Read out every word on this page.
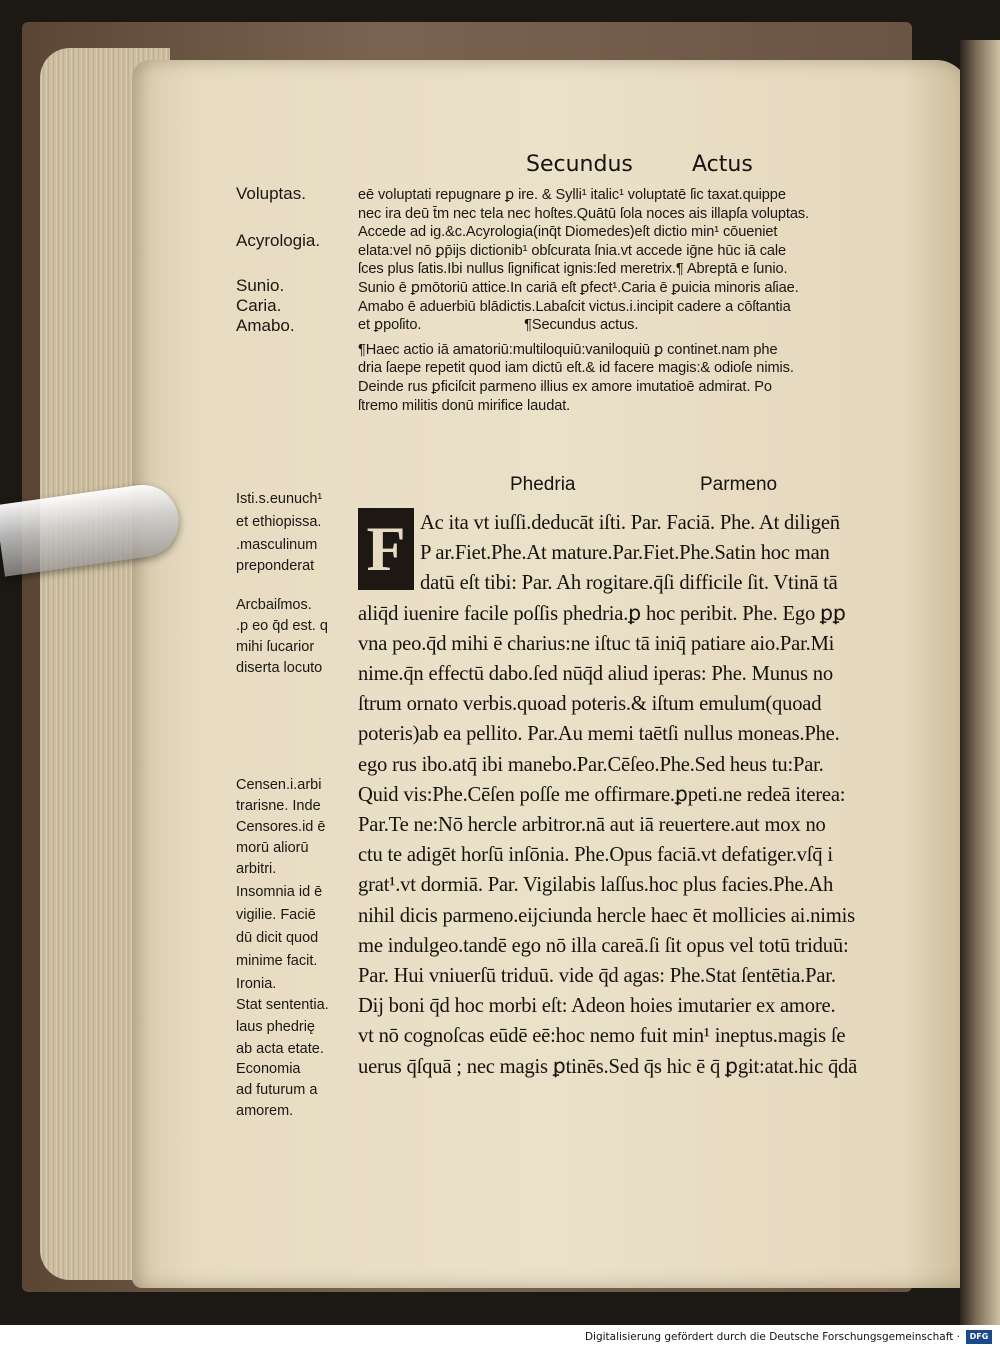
Secundus	Actus
Voluptas.
Acyrologia.
Sunio.
Caria.
Amabo.
Isti.s.eunuch¹
et ethiopissa.
.masculinum
preponderat
Arcbaiſmos.
.p eo q̄d est. q
mihi ſucarior
diserta locuto
Censen.i.arbi
trarisne. Inde
Censores.id ē
morū aliorū
arbitri.
Insomnia id ē
vigilie. Faciē
dū dicit quod
minime facit.
Ironia.
Stat sententia.
laus phedrię
ab acta etate.
Economia
ad futurum a
amorem.
eē voluptati repugnare ꝑ ire. & Sylli¹ italic¹ voluptatē ſic taxat.quippe
nec ira deū t̄m nec tela nec hoſtes.Quātū ſola noces ais illapſa voluptas.
Accede ad ig.&c.Acyrologia(inq̄t Diomedes)eſt dictio min¹ cōueniet
elata:vel nō ꝑp̄ijs dictionib¹ obſcurata ſnia.vt accede iḡne hūc iā cale
ſces plus ſatis.Ibi nullus ſignificat ignis:ſed meretrix.¶ Abreptā e ſunio.
Sunio ē ꝑmōtoriū attice.In cariā eſt ꝑfect¹.Caria ē ꝑuicia minoris aſiae.
Amabo ē aduerbiū blādictis.Labaſcit victus.i.incipit cadere a cōſtantia
et ꝑpoſito.                          ¶Secundus actus.
¶Haec actio iā amatoriū:multiloquiū:vaniloquiū ꝑ continet.nam phe
dria ſaepe repetit quod iam dictū eſt.& id facere magis:& odioſe nimis.
Deinde rus ꝑficiſcit parmeno illius ex amore imutatioē admirat. Po
ſtremo militis donū mirifice laudat.
Phedria	Parmeno
Ac ita vt iuſſi.deducāt iſti. Par. Faciā. Phe. At diligen̄
P ar.Fiet.Phe.At mature.Par.Fiet.Phe.Satin hoc man
datū eſt tibi: Par. Ah rogitare.q̄ſi difficile ſit. Vtinā tā
aliq̄d iuenire facile poſſis phedria.ꝑ hoc peribit. Phe. Ego ꝑꝑ
vna peo.q̄d mihi ē charius:ne iſtuc tā iniq̄ patiare aio.Par.Mi
nime.q̄n effectū dabo.ſed nūq̄d aliud iperas: Phe. Munus no
ſtrum ornato verbis.quoad poteris.& iſtum emulum(quoad
poteris)ab ea pellito. Par.Au memi taētſi nullus moneas.Phe.
ego rus ibo.atq̄ ibi manebo.Par.Cēſeo.Phe.Sed heus tu:Par.
Quid vis:Phe.Cēſen poſſe me offirmare.ꝑpeti.ne redeā iterea:
Par.Te ne:Nō hercle arbitror.nā aut iā reuertere.aut mox no
ctu te adigēt horſū inſōnia. Phe.Opus faciā.vt defatiger.vſq̄ i
grat¹.vt dormiā. Par. Vigilabis laſſus.hoc plus facies.Phe.Ah
nihil dicis parmeno.eijciunda hercle haec ēt mollicies ai.nimis
me indulgeo.tandē ego nō illa careā.ſi ſit opus vel totū triduū:
Par. Hui vniuerſū triduū. vide q̄d agas: Phe.Stat ſentētia.Par.
Dij boni q̄d hoc morbi eſt: Adeon hoies imutarier ex amore.
vt nō cognoſcas eūdē eē:hoc nemo fuit min¹ ineptus.magis ſe
uerus q̄ſquā ; nec magis ꝑtinēs.Sed q̄s hic ē q̄ ꝑgit:atat.hic q̄dā
F
Digitalisierung gefördert durch die Deutsche Forschungsgemeinschaft ·	DFG
